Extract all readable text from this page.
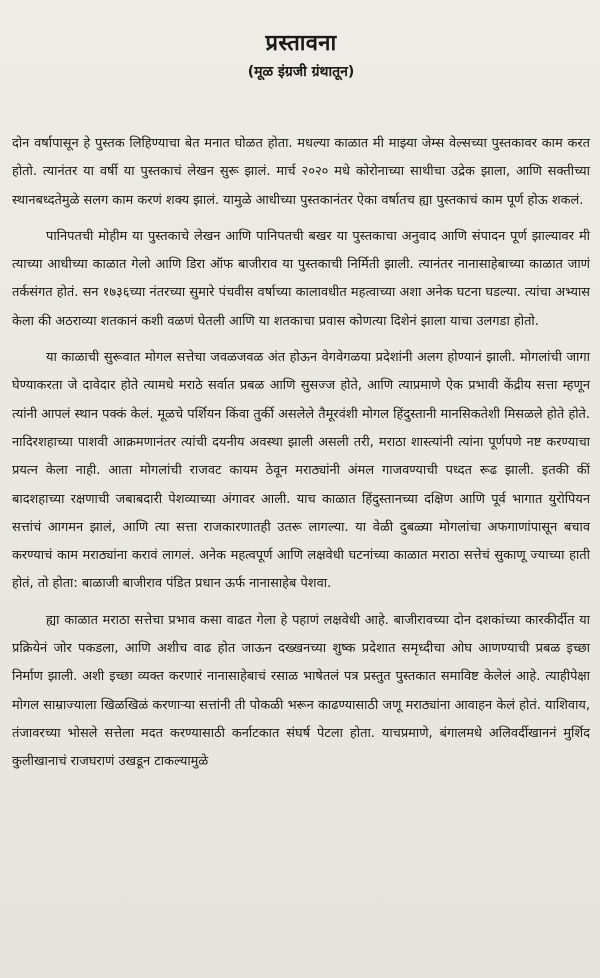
प्रस्तावना
(मूळ इंग्रजी ग्रंथातून)

दोन वर्षापासून हे पुस्तक लिहिण्याचा बेत मनात घोळत होता. मधल्या काळात मी माझ्या जेम्स वेल्सच्या पुस्तकावर काम करत होतो. त्यानंतर या वर्षी या पुस्तकाचं लेखन सुरू झालं. मार्च २०२० मधे कोरोनाच्या साथीचा उद्रेक झाला, आणि सक्तीच्या स्थानबध्दतेमुळे सलग काम करणं शक्य झालं. यामुळे आधीच्या पुस्तकानंतर ऐका वर्षातच ह्या पुस्तकाचं काम पूर्ण होऊ शकलं.

पानिपतची मोहीम या पुस्तकाचे लेखन आणि पानिपतची बखर या पुस्तकाचा अनुवाद आणि संपादन पूर्ण झाल्यावर मी त्याच्या आधीच्या काळात गेलो आणि डिरा ऑफ बाजीराव या पुस्तकाची निर्मिती झाली. त्यानंतर नानासाहेबाच्या काळात जाणं तर्कसंगत होतं. सन १७३६च्या नंतरच्या सुमारे पंचवीस वर्षाच्या कालावधीत महत्वाच्या अशा अनेक घटना घडल्या. त्यांचा अभ्यास केला की अठराव्या शतकानं कशी वळणं घेतली आणि या शतकाचा प्रवास कोणत्या दिशेनं झाला याचा उलगडा होतो.

या काळाची सुरूवात मोगल सत्तेचा जवळजवळ अंत होऊन वेगवेगळया प्रदेशांनी अलग होण्यानं झाली. मोगलांची जागा घेण्याकरता जे दावेदार होते त्यामधे मराठे सर्वात प्रबळ आणि सुसज्ज होते, आणि त्याप्रमाणे ऐक प्रभावी केंद्रीय सत्ता म्हणून त्यांनी आपलं स्थान पक्कं केलं. मूळचे पर्शियन किंवा तुर्की असलेले तैमूरवंशी मोगल हिंदुस्तानी मानसिकतेशी मिसळले होते होते. नादिरशहाच्या पाशवी आक्रमणानंतर त्यांची दयनीय अवस्था झाली असली तरी, मराठा शास्त्यांनी त्यांना पूर्णपणे नष्ट करण्याचा प्रयत्न केला नाही. आता मोगलांची राजवट कायम ठेवून मराठ्यांनी अंमल गाजवण्याची पध्दत रूढ झाली. इतकी कीं बादशहाच्या रक्षणाची जबाबदारी पेशव्याच्या अंगावर आली. याच काळात हिंदुस्तानच्या दक्षिण आणि पूर्व भागात युरोपियन सत्तांचं आगमन झालं, आणि त्या सत्ता राजकारणातही उतरू लागल्या. या वेळी दुबळ्या मोगलांचा अफगाणांपासून बचाव करण्याचं काम मराठ्यांना करावं लागलं. अनेक महत्वपूर्ण आणि लक्षवेधी घटनांच्या काळात मराठा सत्तेचं सुकाणू ज्याच्या हाती होतं, तो होता: बाळाजी बाजीराव पंडित प्रधान ऊर्फ नानासाहेब पेशवा.

ह्या काळात मराठा सत्तेचा प्रभाव कसा वाढत गेला हे पहाणं लक्षवेधी आहे. बाजीरावच्या दोन दशकांच्या कारकीर्दीत या प्रक्रियेनं जोर पकडला, आणि अशीच वाढ होत जाऊन दख्खनच्या शुष्क प्रदेशात समृध्दीचा ओघ आणण्याची प्रबळ इच्छा निर्माण झाली. अशी इच्छा व्यक्त करणारं नानासाहेबाचं रसाळ भाषेतलं पत्र प्रस्तुत पुस्तकात समाविष्ट केलेलं आहे. त्याहीपेक्षा मोगल साम्राज्याला खिळखिळं करणाऱ्या सत्तांनी ती पोकळी भरून काढण्यासाठी जणू मराठ्यांना आवाहन केलं होतं. याशिवाय, तंजावरच्या भोसले सत्तेला मदत करण्यासाठी कर्नाटकात संघर्ष पेटला होता. याचप्रमाणे, बंगालमधे अलिवर्दीखाननं मुर्शिद कुलीखानाचं राजघराणं उखडून टाकल्यामुळे
